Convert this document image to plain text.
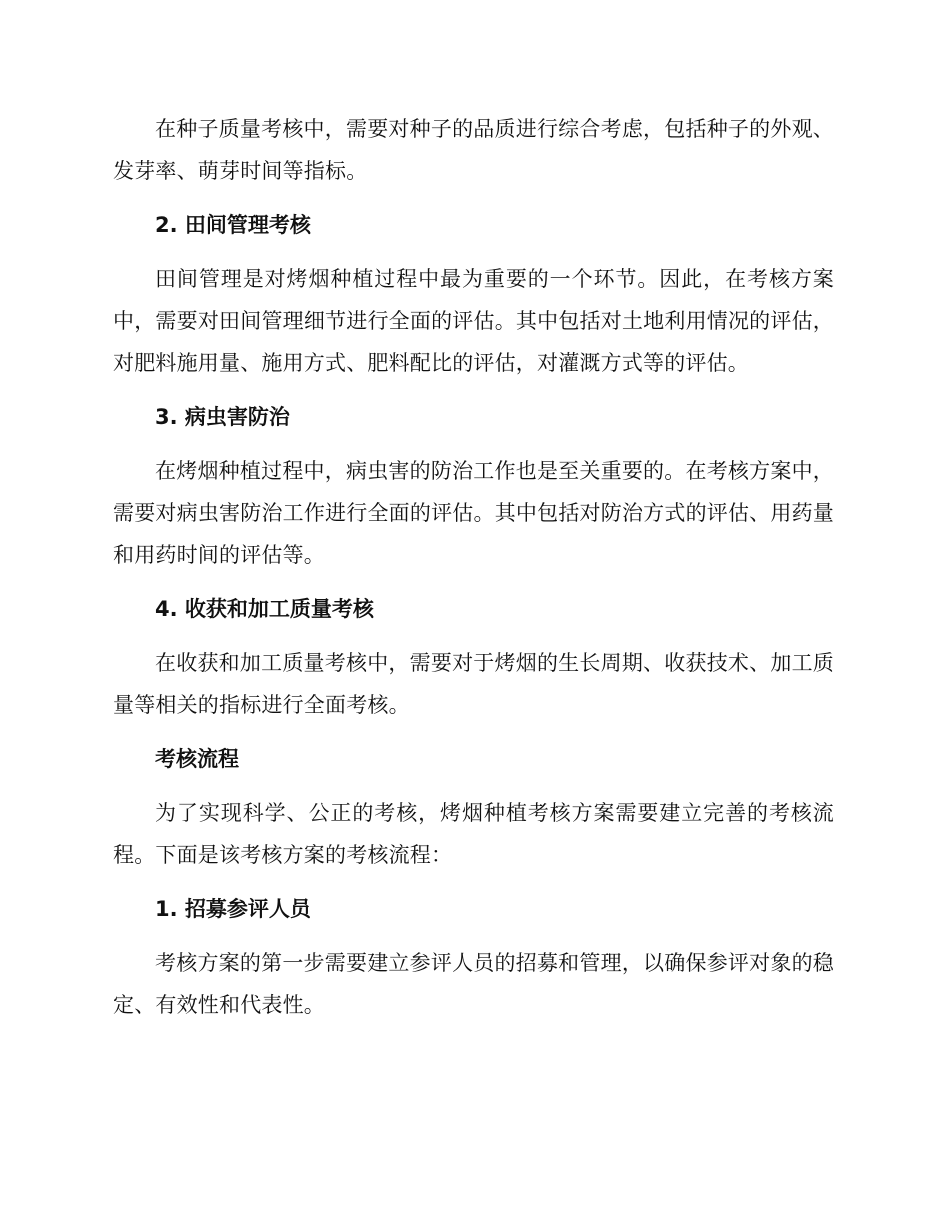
在种子质量考核中，需要对种子的品质进行综合考虑，包括种子的外观、发芽率、萌芽时间等指标。

2. 田间管理考核

田间管理是对烤烟种植过程中最为重要的一个环节。因此，在考核方案中，需要对田间管理细节进行全面的评估。其中包括对土地利用情况的评估，对肥料施用量、施用方式、肥料配比的评估，对灌溉方式等的评估。

3. 病虫害防治

在烤烟种植过程中，病虫害的防治工作也是至关重要的。在考核方案中，需要对病虫害防治工作进行全面的评估。其中包括对防治方式的评估、用药量和用药时间的评估等。

4. 收获和加工质量考核

在收获和加工质量考核中，需要对于烤烟的生长周期、收获技术、加工质量等相关的指标进行全面考核。

考核流程

为了实现科学、公正的考核，烤烟种植考核方案需要建立完善的考核流程。下面是该考核方案的考核流程：

1. 招募参评人员

考核方案的第一步需要建立参评人员的招募和管理，以确保参评对象的稳定、有效性和代表性。
